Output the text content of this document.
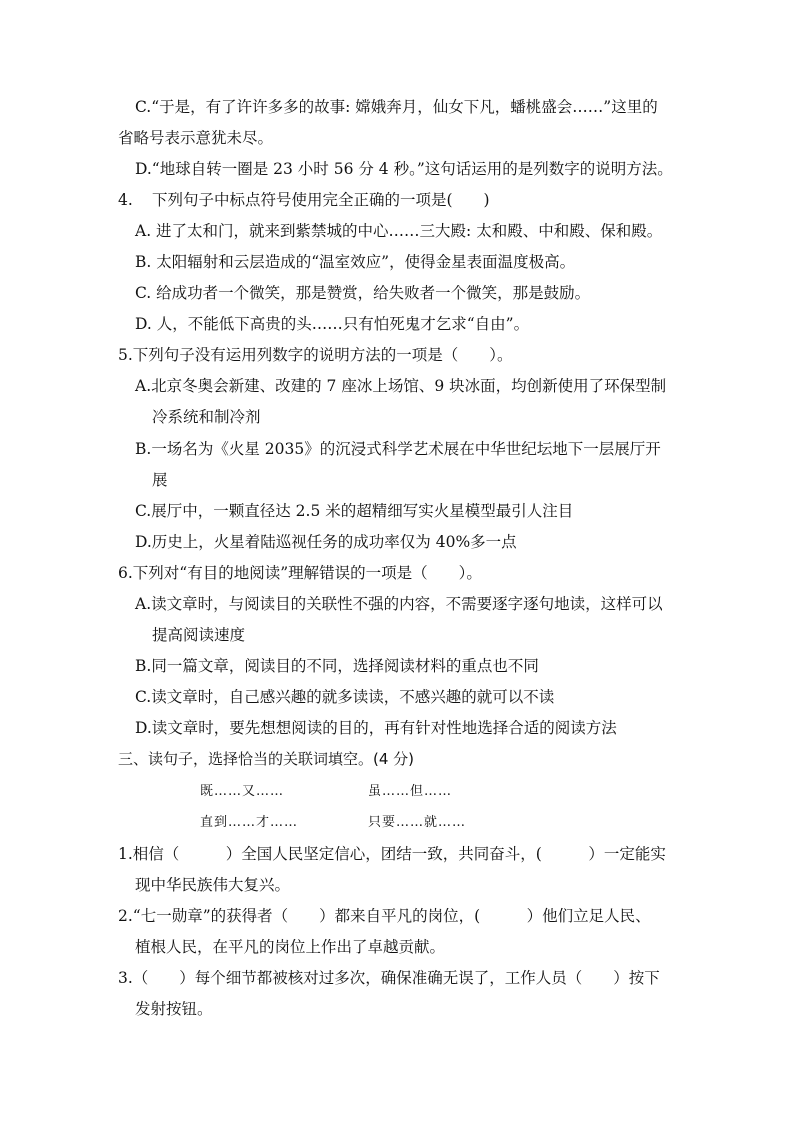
C.“于是，有了许许多多的故事: 嫦娥奔月，仙女下凡，蟠桃盛会……”这里的
省略号表示意犹未尽。
D.“地球自转一圈是 23 小时 56 分 4 秒。”这句话运用的是列数字的说明方法。
4. 下列句子中标点符号使用完全正确的一项是(　　)
A. 进了太和门，就来到紫禁城的中心……三大殿: 太和殿、中和殿、保和殿。
B. 太阳辐射和云层造成的“温室效应”，使得金星表面温度极高。
C. 给成功者一个微笑，那是赞赏，给失败者一个微笑，那是鼓励。
D. 人，不能低下高贵的头……只有怕死鬼才乞求“自由”。
5.下列句子没有运用列数字的说明方法的一项是（　　）。
A.北京冬奥会新建、改建的 7 座冰上场馆、9 块冰面，均创新使用了环保型制
冷系统和制冷剂
B.一场名为《火星 2035》的沉浸式科学艺术展在中华世纪坛地下一层展厅开
展
C.展厅中，一颗直径达 2.5 米的超精细写实火星模型最引人注目
D.历史上，火星着陆巡视任务的成功率仅为 40%多一点
6.下列对“有目的地阅读”理解错误的一项是（　　）。
A.读文章时，与阅读目的关联性不强的内容，不需要逐字逐句地读，这样可以
提高阅读速度
B.同一篇文章，阅读目的不同，选择阅读材料的重点也不同
C.读文章时，自己感兴趣的就多读读，不感兴趣的就可以不读
D.读文章时，要先想想阅读的目的，再有针对性地选择合适的阅读方法
三、读句子，选择恰当的关联词填空。(4 分)
既……又……	虽……但……
直到……才……	只要……就……
1.相信（　　　）全国人民坚定信心，团结一致，共同奋斗，(　　　）一定能实
现中华民族伟大复兴。
2.“七一勋章”的获得者（　　）都来自平凡的岗位，(　　　）他们立足人民、
植根人民，在平凡的岗位上作出了卓越贡献。
3.（　　）每个细节都被核对过多次，确保准确无误了，工作人员（　　）按下
发射按钮。
